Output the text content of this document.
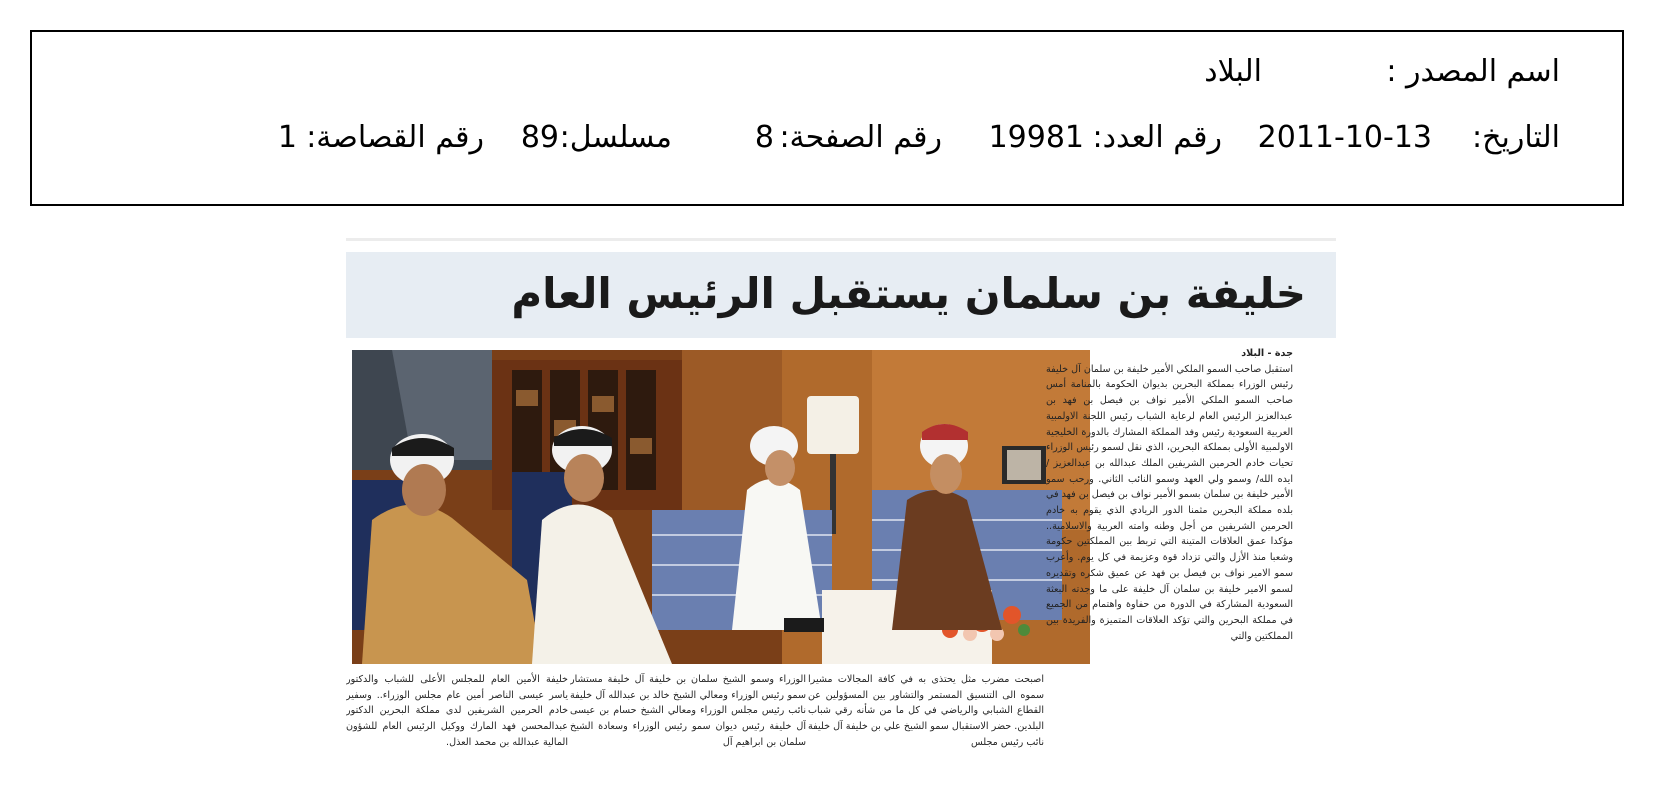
اسم المصدر :
البلاد
التاريخ:
2011-10-13
رقم العدد:
19981
رقم الصفحة:
8
مسلسل:
89
رقم القصاصة:
1
خليفة بن سلمان يستقبل الرئيس العام
جدة - البلاد
استقبل صاحب السمو الملكي الأمير خليفة بن سلمان آل خليفة رئيس الوزراء بمملكة البحرين بديوان الحكومة بالمنامة أمس صاحب السمو الملكي الأمير نواف بن فيصل بن فهد بن عبدالعزيز الرئيس العام لرعاية الشباب رئيس اللجنة الاولمبية العربية السعودية رئيس وفد المملكة المشارك بالدورة الخليجية الاولمبية الأولى بمملكة البحرين، الذي نقل لسمو رئيس الوزراء تحيات خادم الحرمين الشريفين الملك عبدالله بن عبدالعزيز /ايده الله/ وسمو ولي العهد وسمو النائب الثاني. ورحب سمو الأمير خليفة بن سلمان بسمو الأمير نواف بن فيصل بن فهد في بلده مملكة البحرين مثمنا الدور الريادي الذي يقوم به خادم الحرمين الشريفين من أجل وطنه وامته العربية والاسلامية.. مؤكدا عمق العلاقات المتينة التي تربط بين المملكتين حكومة وشعبا منذ الأزل والتي تزداد قوة وعزيمة في كل يوم. وأعرب سمو الامير نواف بن فيصل بن فهد عن عميق شكره وتقديره لسمو الامير خليفة بن سلمان آل خليفة على ما وجدته البعثة السعودية المشاركة في الدورة من حفاوة واهتمام من الجميع في مملكة البحرين والتي تؤكد العلاقات المتميزة والفريدة بين المملكتين والتي
اصبحت مضرب مثل يحتذى به في كافة المجالات مشيرا سموه الى التنسيق المستمر والتشاور بين المسؤولين عن القطاع الشبابي والرياضي في كل ما من شأنه رقي شباب البلدين. حضر الاستقبال سمو الشيخ علي بن خليفة آل خليفة نائب رئيس مجلس
الوزراء وسمو الشيخ سلمان بن خليفة آل خليفة مستشار سمو رئيس الوزراء ومعالي الشيخ خالد بن عبدالله آل خليفة نائب رئيس مجلس الوزراء ومعالي الشيخ حسام بن عيسى آل خليفة رئيس ديوان سمو رئيس الوزراء وسعادة الشيخ سلمان بن ابراهيم آل
خليفة الأمين العام للمجلس الأعلى للشباب والدكتور ياسر عيسى الناصر أمين عام مجلس الوزراء.. وسفير خادم الحرمين الشريفين لدى مملكة البحرين الدكتور عبدالمحسن فهد المارك ووكيل الرئيس العام للشؤون المالية عبدالله بن محمد العذل.
